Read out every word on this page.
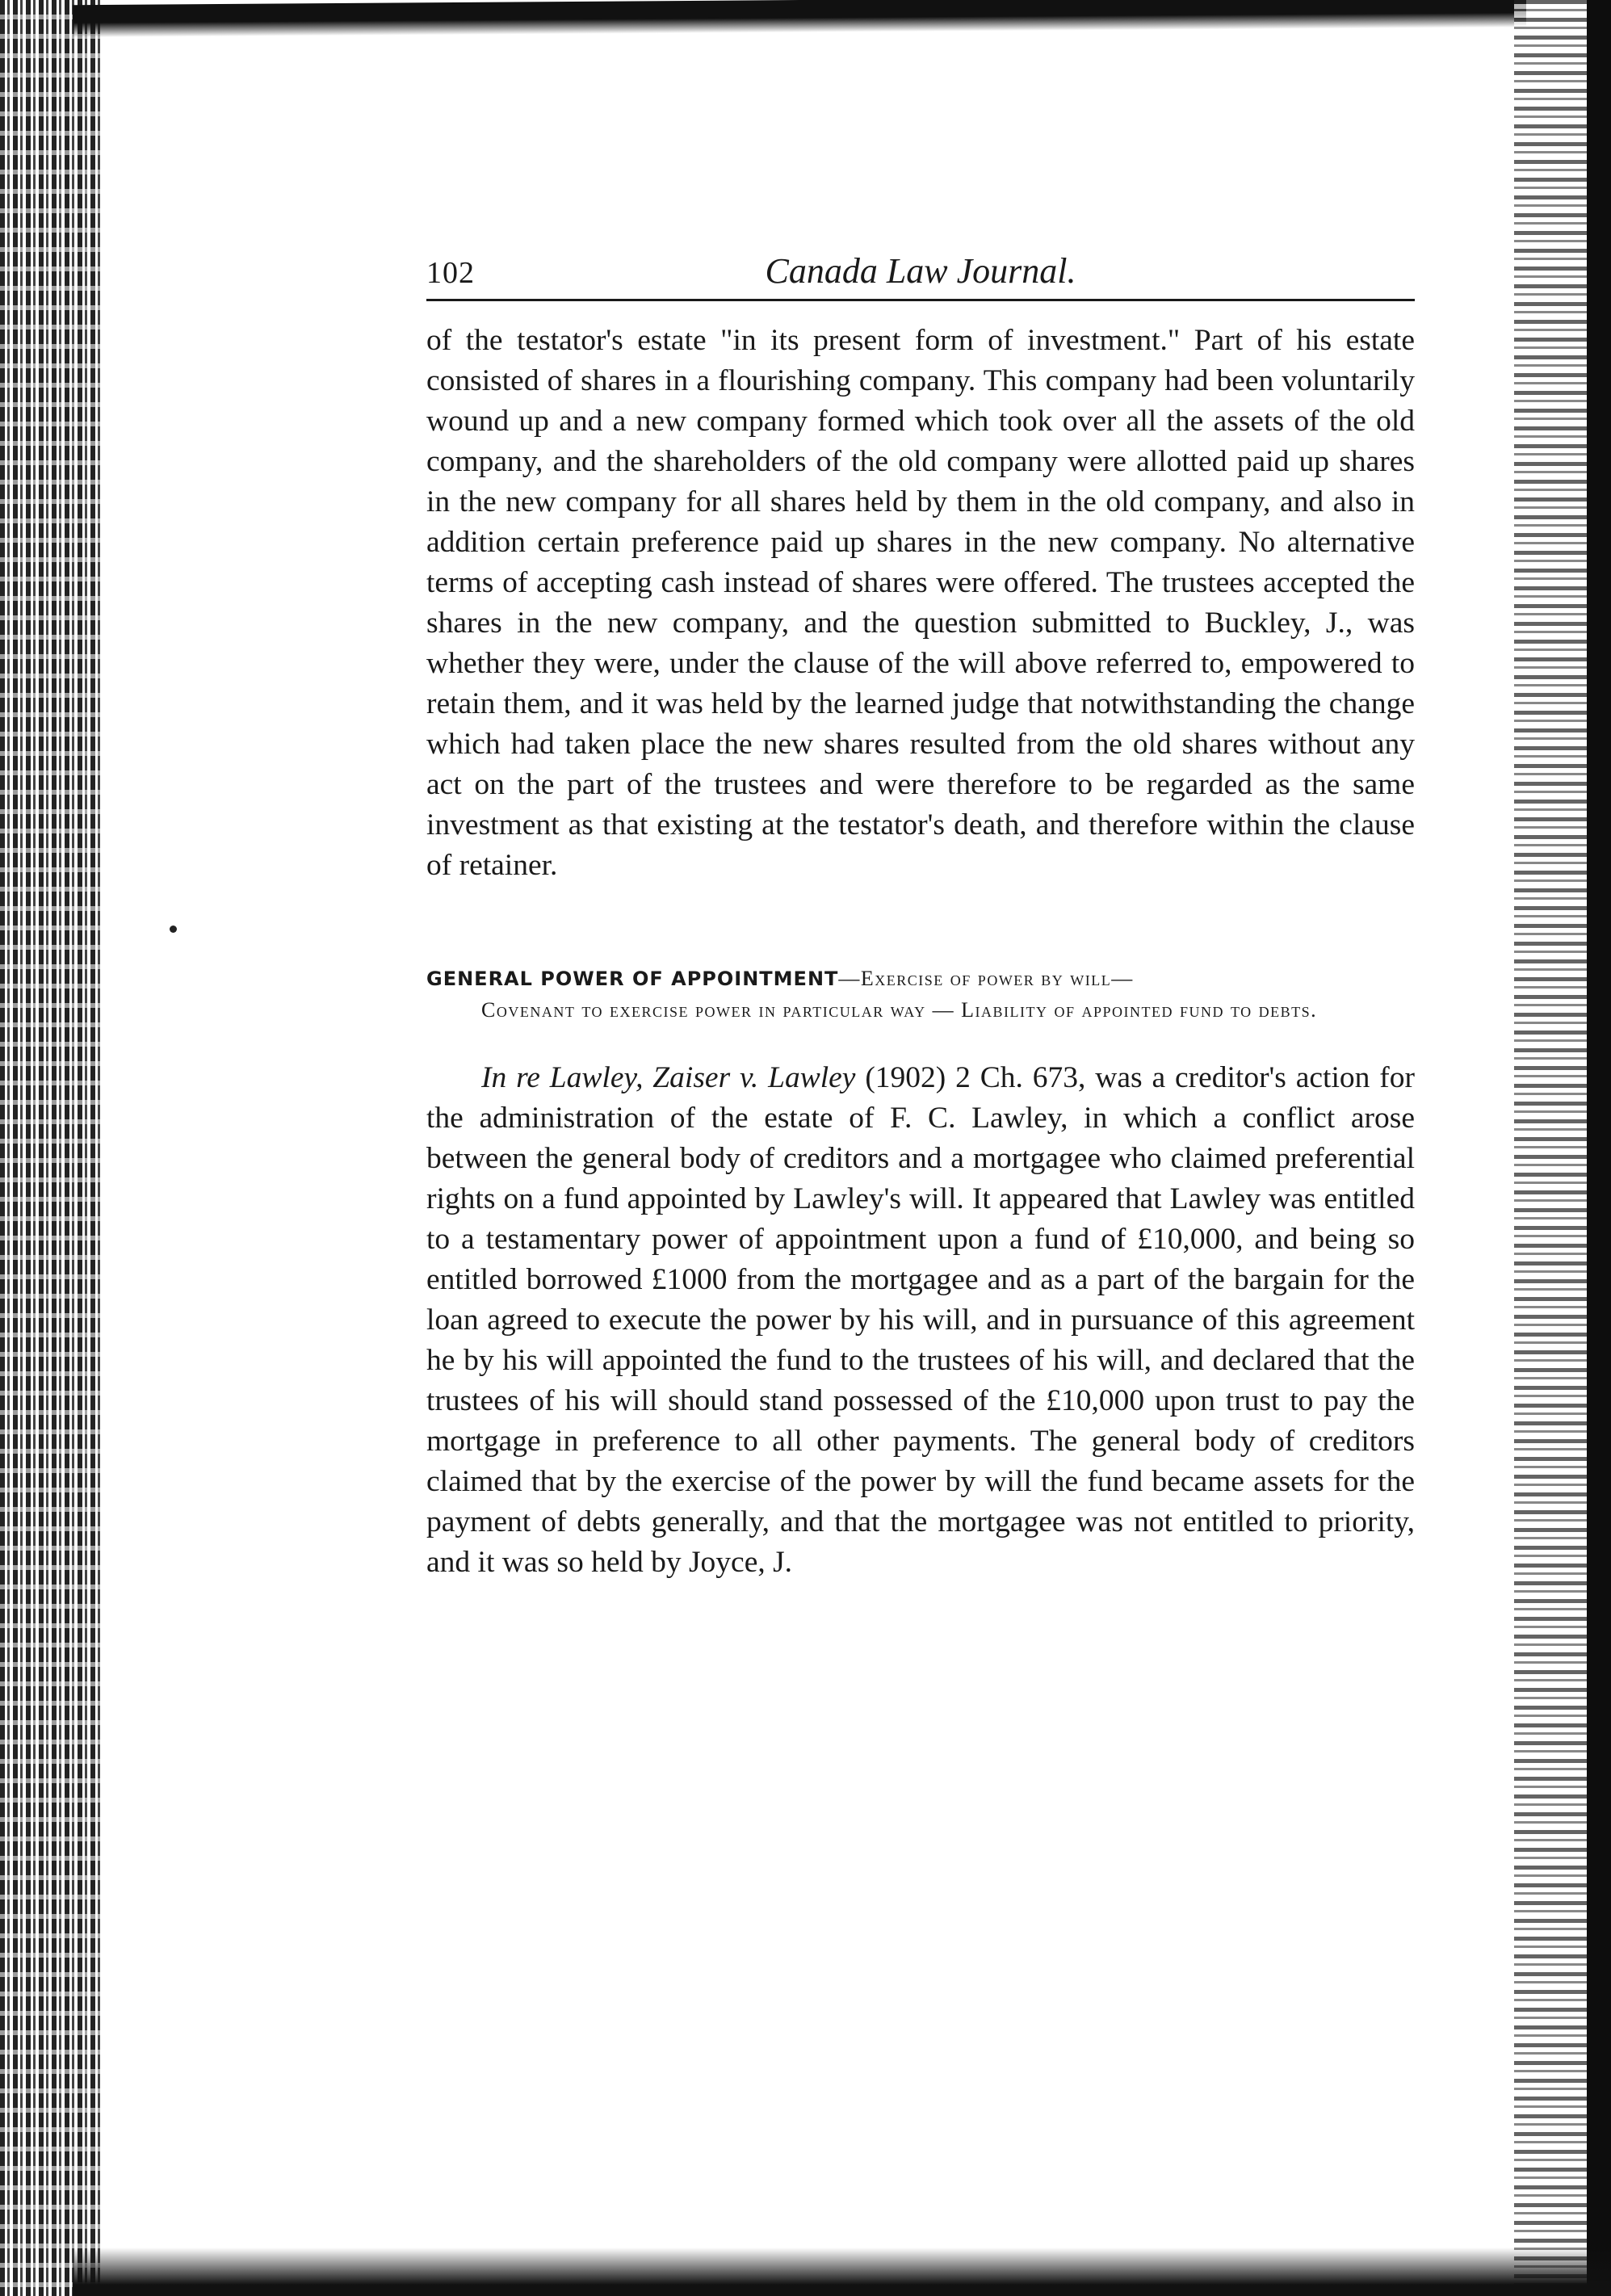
102	Canada Law Journal.

of the testator's estate "in its present form of investment." Part of his estate consisted of shares in a flourishing company. This company had been voluntarily wound up and a new company formed which took over all the assets of the old company, and the shareholders of the old company were allotted paid up shares in the new company for all shares held by them in the old company, and also in addition certain preference paid up shares in the new company. No alternative terms of accepting cash instead of shares were offered. The trustees accepted the shares in the new company, and the question submitted to Buckley, J., was whether they were, under the clause of the will above referred to, empowered to retain them, and it was held by the learned judge that notwithstanding the change which had taken place the new shares resulted from the old shares without any act on the part of the trustees and were therefore to be regarded as the same investment as that existing at the testator's death, and therefore within the clause of retainer.

GENERAL POWER OF APPOINTMENT—Exercise of power by will—
Covenant to exercise power in particular way — Liability of appointed fund to debts.

In re Lawley, Zaiser v. Lawley (1902) 2 Ch. 673, was a creditor's action for the administration of the estate of F. C. Lawley, in which a conflict arose between the general body of creditors and a mortgagee who claimed preferential rights on a fund appointed by Lawley's will. It appeared that Lawley was entitled to a testamentary power of appointment upon a fund of £10,000, and being so entitled borrowed £1000 from the mortgagee and as a part of the bargain for the loan agreed to execute the power by his will, and in pursuance of this agreement he by his will appointed the fund to the trustees of his will, and declared that the trustees of his will should stand possessed of the £10,000 upon trust to pay the mortgage in preference to all other payments. The general body of creditors claimed that by the exercise of the power by will the fund became assets for the payment of debts generally, and that the mortgagee was not entitled to priority, and it was so held by Joyce, J.
